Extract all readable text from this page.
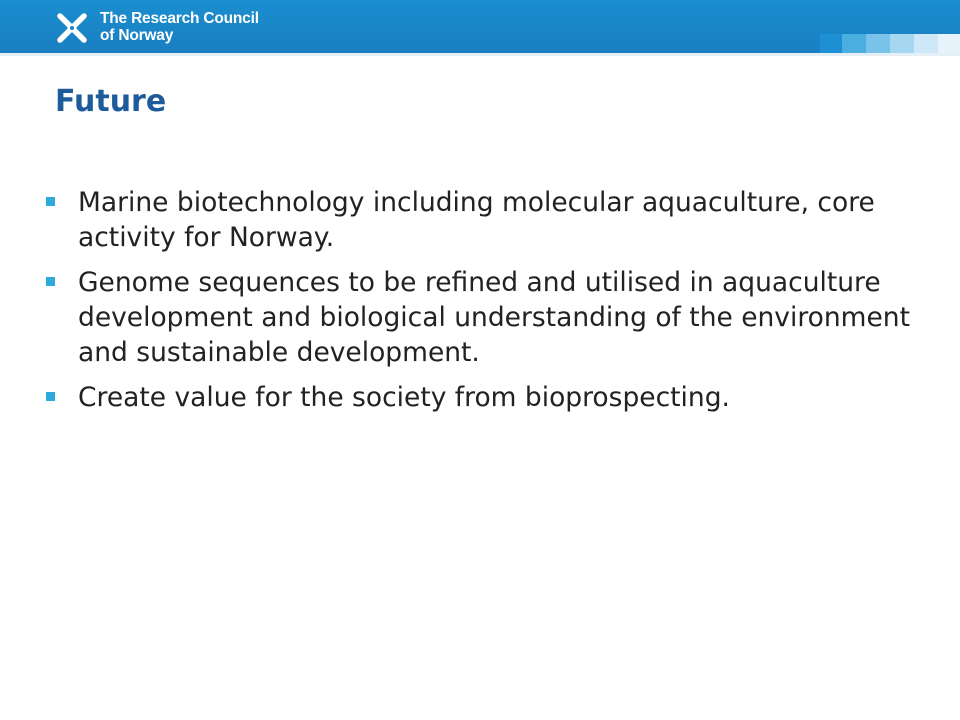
The Research Council
of Norway
Future
Marine biotechnology including molecular aquaculture, core activity for Norway.
Genome sequences to be refined and utilised in aquaculture development and biological understanding of the environment and sustainable development.
Create value for the society from bioprospecting.
